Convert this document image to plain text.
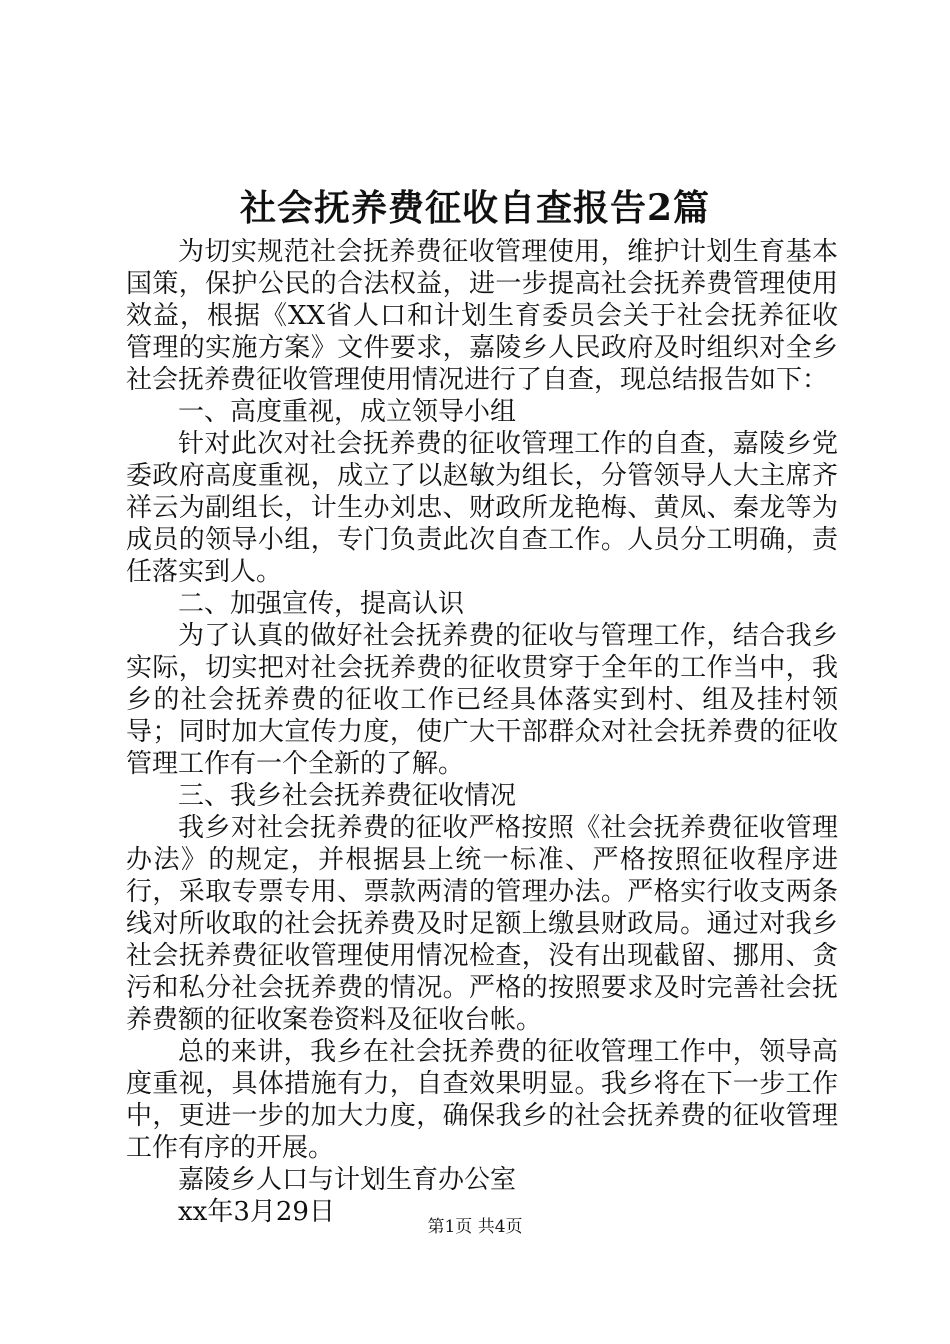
社会抚养费征收自查报告2篇

为切实规范社会抚养费征收管理使用，维护计划生育基本国策，保护公民的合法权益，进一步提高社会抚养费管理使用效益，根据《XX省人口和计划生育委员会关于社会抚养征收管理的实施方案》文件要求，嘉陵乡人民政府及时组织对全乡社会抚养费征收管理使用情况进行了自查，现总结报告如下：

一、高度重视，成立领导小组

针对此次对社会抚养费的征收管理工作的自查，嘉陵乡党委政府高度重视，成立了以赵敏为组长，分管领导人大主席齐祥云为副组长，计生办刘忠、财政所龙艳梅、黄凤、秦龙等为成员的领导小组，专门负责此次自查工作。人员分工明确，责任落实到人。

二、加强宣传，提高认识

为了认真的做好社会抚养费的征收与管理工作，结合我乡实际，切实把对社会抚养费的征收贯穿于全年的工作当中，我乡的社会抚养费的征收工作已经具体落实到村、组及挂村领导；同时加大宣传力度，使广大干部群众对社会抚养费的征收管理工作有一个全新的了解。

三、我乡社会抚养费征收情况

我乡对社会抚养费的征收严格按照《社会抚养费征收管理办法》的规定，并根据县上统一标准、严格按照征收程序进行，采取专票专用、票款两清的管理办法。严格实行收支两条线对所收取的社会抚养费及时足额上缴县财政局。通过对我乡社会抚养费征收管理使用情况检查，没有出现截留、挪用、贪污和私分社会抚养费的情况。严格的按照要求及时完善社会抚养费额的征收案卷资料及征收台帐。

总的来讲，我乡在社会抚养费的征收管理工作中，领导高度重视，具体措施有力，自查效果明显。我乡将在下一步工作中，更进一步的加大力度，确保我乡的社会抚养费的征收管理工作有序的开展。

嘉陵乡人口与计划生育办公室

xx年3月29日	第1页 共4页
